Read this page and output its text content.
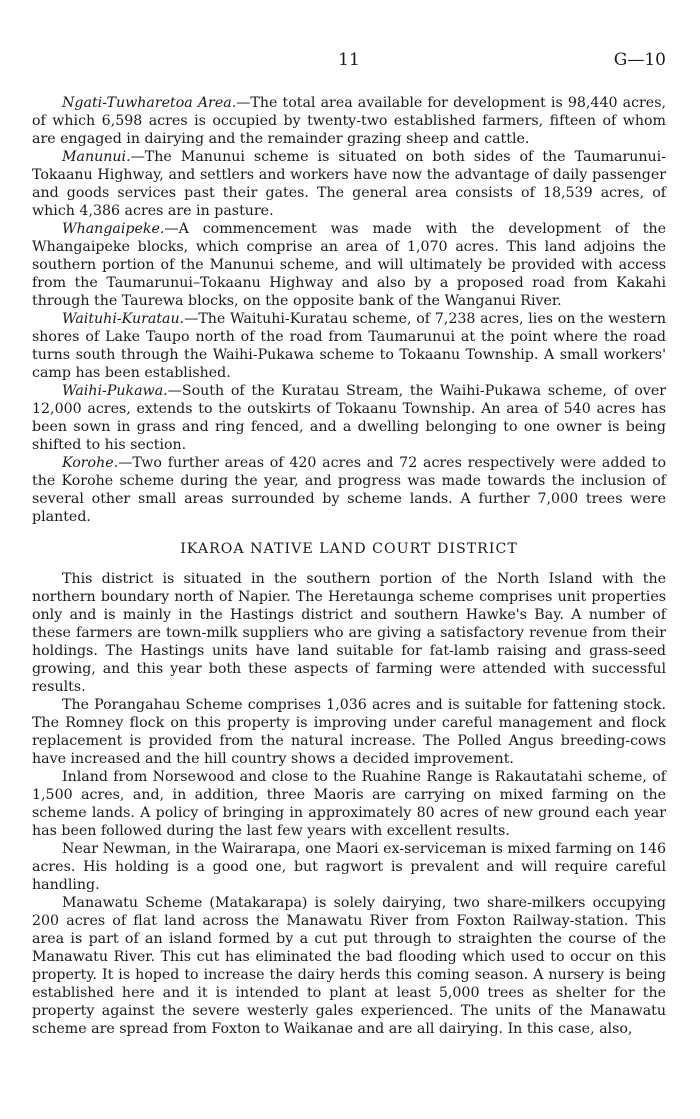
11	G—10

Ngati-Tuwharetoa Area.—The total area available for development is 98,440 acres, of which 6,598 acres is occupied by twenty-two established farmers, fifteen of whom are engaged in dairying and the remainder grazing sheep and cattle.

Manunui.—The Manunui scheme is situated on both sides of the Taumarunui-Tokaanu Highway, and settlers and workers have now the advantage of daily passenger and goods services past their gates. The general area consists of 18,539 acres, of which 4,386 acres are in pasture.

Whangaipeke.—A commencement was made with the development of the Whangaipeke blocks, which comprise an area of 1,070 acres. This land adjoins the southern portion of the Manunui scheme, and will ultimately be provided with access from the Taumarunui–Tokaanu Highway and also by a proposed road from Kakahi through the Taurewa blocks, on the opposite bank of the Wanganui River.

Waituhi-Kuratau.—The Waituhi-Kuratau scheme, of 7,238 acres, lies on the western shores of Lake Taupo north of the road from Taumarunui at the point where the road turns south through the Waihi-Pukawa scheme to Tokaanu Township. A small workers' camp has been established.

Waihi-Pukawa.—South of the Kuratau Stream, the Waihi-Pukawa scheme, of over 12,000 acres, extends to the outskirts of Tokaanu Township. An area of 540 acres has been sown in grass and ring fenced, and a dwelling belonging to one owner is being shifted to his section.

Korohe.—Two further areas of 420 acres and 72 acres respectively were added to the Korohe scheme during the year, and progress was made towards the inclusion of several other small areas surrounded by scheme lands. A further 7,000 trees were planted.

IKAROA NATIVE LAND COURT DISTRICT

This district is situated in the southern portion of the North Island with the northern boundary north of Napier. The Heretaunga scheme comprises unit properties only and is mainly in the Hastings district and southern Hawke's Bay. A number of these farmers are town-milk suppliers who are giving a satisfactory revenue from their holdings. The Hastings units have land suitable for fat-lamb raising and grass-seed growing, and this year both these aspects of farming were attended with successful results.

The Porangahau Scheme comprises 1,036 acres and is suitable for fattening stock. The Romney flock on this property is improving under careful management and flock replacement is provided from the natural increase. The Polled Angus breeding-cows have increased and the hill country shows a decided improvement.

Inland from Norsewood and close to the Ruahine Range is Rakautatahi scheme, of 1,500 acres, and, in addition, three Maoris are carrying on mixed farming on the scheme lands. A policy of bringing in approximately 80 acres of new ground each year has been followed during the last few years with excellent results.

Near Newman, in the Wairarapa, one Maori ex-serviceman is mixed farming on 146 acres. His holding is a good one, but ragwort is prevalent and will require careful handling.

Manawatu Scheme (Matakarapa) is solely dairying, two share-milkers occupying 200 acres of flat land across the Manawatu River from Foxton Railway-station. This area is part of an island formed by a cut put through to straighten the course of the Manawatu River. This cut has eliminated the bad flooding which used to occur on this property. It is hoped to increase the dairy herds this coming season. A nursery is being established here and it is intended to plant at least 5,000 trees as shelter for the property against the severe westerly gales experienced. The units of the Manawatu scheme are spread from Foxton to Waikanae and are all dairying. In this case, also,
